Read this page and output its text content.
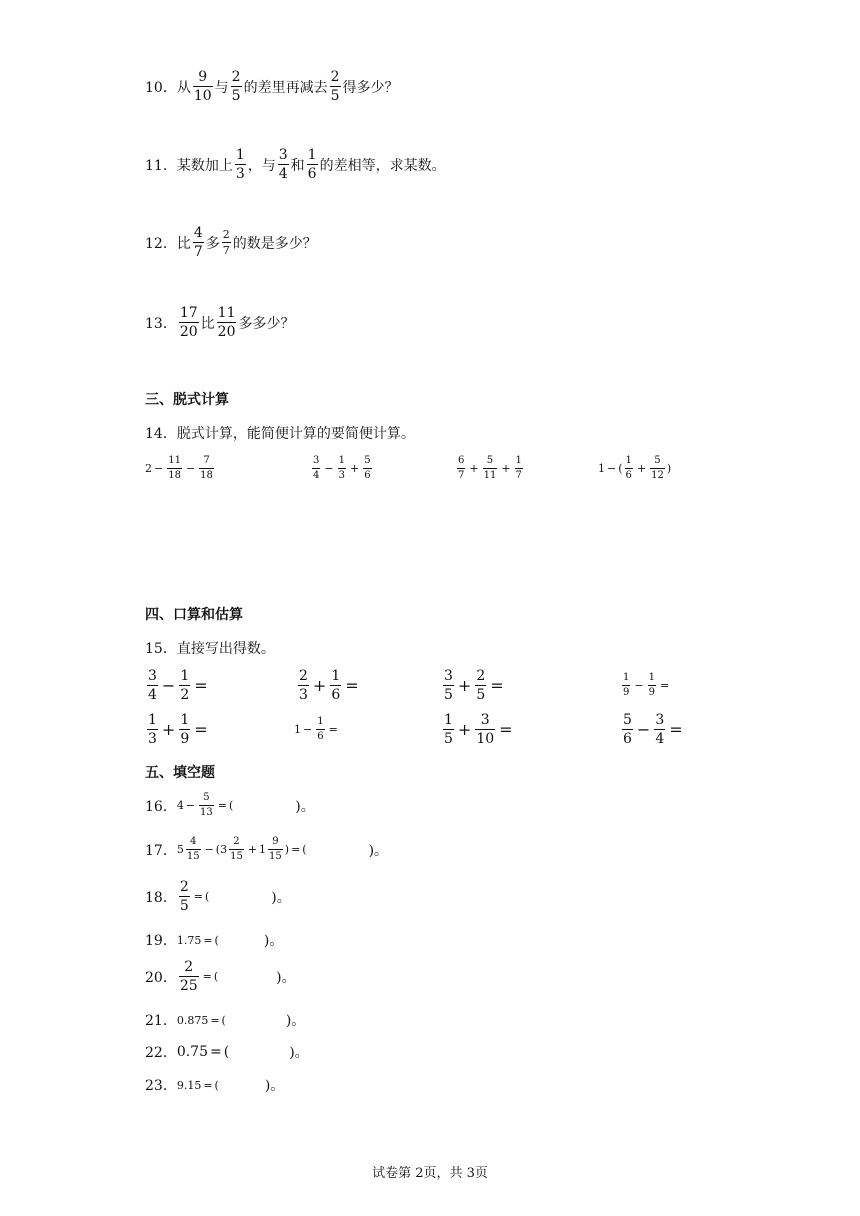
10． 从 $\frac{9}{10}$ 与 $\frac{2}{5}$ 的差里再减去 $\frac{2}{5}$ 得多少？
11． 某数加上 $\frac{1}{3}$ ，与 $\frac{3}{4}$ 和 $\frac{1}{6}$ 的差相等，求某数。
12． 比 $\frac{4}{7}$ 多 $\frac{2}{7}$ 的数是多少？
13． $\frac{17}{20}$ 比 $\frac{11}{20}$ 多多少？
三、脱式计算
14． 脱式计算，能简便计算的要简便计算。
$2 - \frac{11}{18} - \frac{7}{18}$	$\frac{3}{4} - \frac{1}{3} + \frac{5}{6}$	$\frac{6}{7} + \frac{5}{11} + \frac{1}{7}$	1 − ( $\frac{1}{6} + \frac{5}{12}$ )
四、口算和估算
15． 直接写出得数。
$\frac{3}{4} - \frac{1}{2}$ =	$\frac{2}{3} + \frac{1}{6}$ =	$\frac{3}{5} + \frac{2}{5}$ =	$\frac{1}{9} - \frac{1}{9}$ =
$\frac{1}{3} + \frac{1}{9}$ =	$1 - \frac{1}{6}$ =	$\frac{1}{5} + \frac{3}{10}$ =	$\frac{5}{6} - \frac{3}{4}$ =
五、填空题
16． $4 - \frac{5}{13}$ = (	)。
17． $5 \frac{4}{15}$ − ( $3 \frac{2}{15} + 1 \frac{9}{15}$ ) = (	)。
18． $\frac{2}{5}$ = (	)。
19． 1.75 = (	)。
20． $\frac{2}{25}$ = (	)。
21． 0.875 = (	)。
22． 0.75 = (	)。
23． 9.15 = (	)。
试卷第 2页，共 3页
